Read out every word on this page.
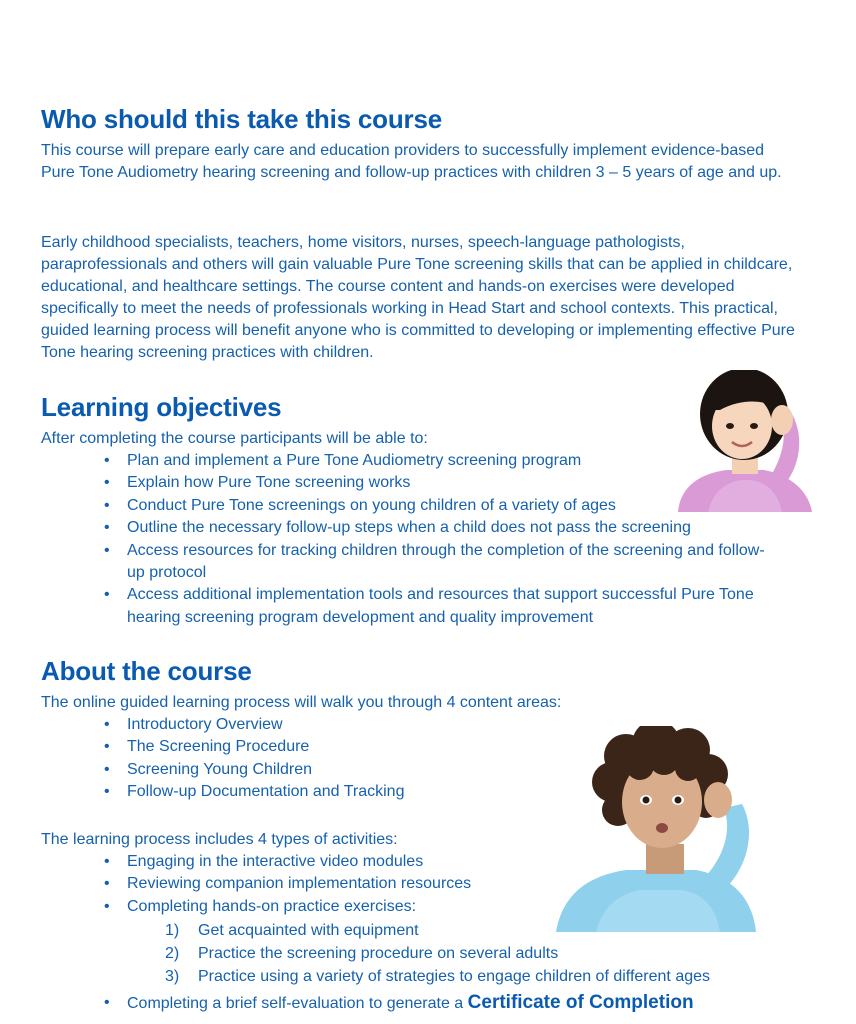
Who should this take this course

This course will prepare early care and education providers to successfully implement evidence-based Pure Tone Audiometry hearing screening and follow-up practices with children 3 – 5 years of age and up.

Early childhood specialists, teachers, home visitors, nurses, speech-language pathologists, paraprofessionals and others will gain valuable Pure Tone screening skills that can be applied in childcare, educational, and healthcare settings. The course content and hands-on exercises were developed specifically to meet the needs of professionals working in Head Start and school contexts. This practical, guided learning process will benefit anyone who is committed to developing or implementing effective Pure Tone hearing screening practices with children.

Learning objectives

After completing the course participants will be able to:

• Plan and implement a Pure Tone Audiometry screening program
• Explain how Pure Tone screening works
• Conduct Pure Tone screenings on young children of a variety of ages
• Outline the necessary follow-up steps when a child does not pass the screening
• Access resources for tracking children through the completion of the screening and follow-up protocol
• Access additional implementation tools and resources that support successful Pure Tone hearing screening program development and quality improvement
About the course

The online guided learning process will walk you through 4 content areas:

• Introductory Overview
• The Screening Procedure
• Screening Young Children
• Follow-up Documentation and Tracking

The learning process includes 4 types of activities:

• Engaging in the interactive video modules
• Reviewing companion implementation resources
• Completing hands-on practice exercises:
1) Get acquainted with equipment
2) Practice the screening procedure on several adults
3) Practice using a variety of strategies to engage children of different ages
• Completing a brief self-evaluation to generate a Certificate of Completion
